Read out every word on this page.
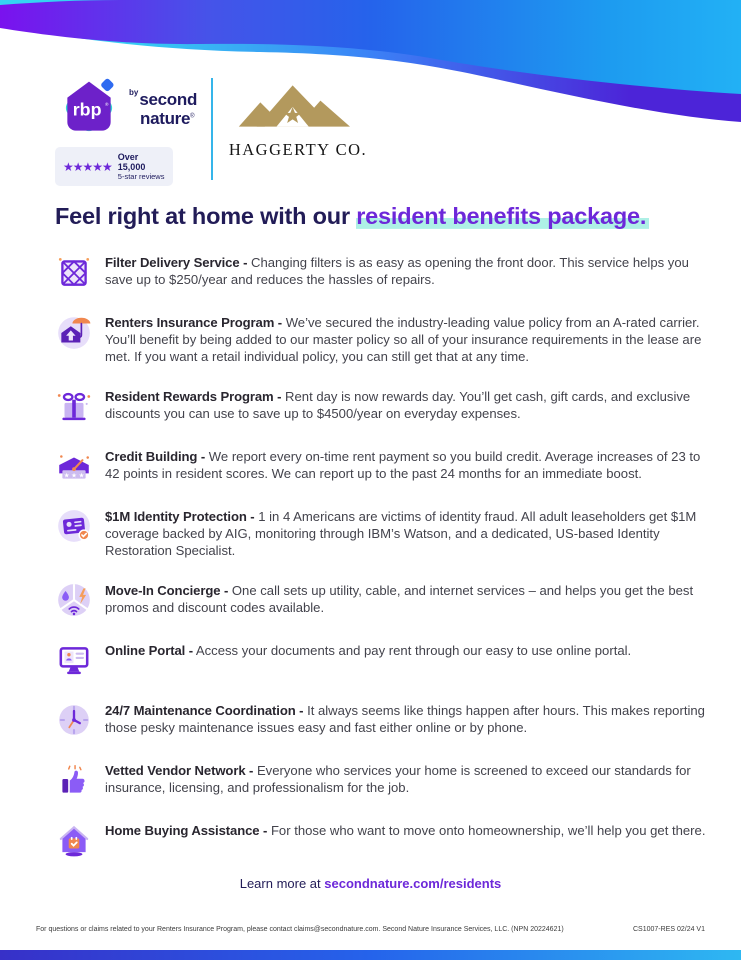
rbp ®
$^{by}$second
nature®
★★★★★
Over 15,000
5-star reviews
HAGGERTY CO.
Feel right at home with our resident benefits package.

Filter Delivery Service - Changing filters is as easy as opening the front door. This service helps you save up to $250/year and reduces the hassles of repairs.

Renters Insurance Program - We’ve secured the industry-leading value policy from an A-rated carrier. You’ll benefit by being added to our master policy so all of your insurance requirements in the lease are met. If you want a retail individual policy, you can still get that at any time.

Resident Rewards Program - Rent day is now rewards day. You’ll get cash, gift cards, and exclusive discounts you can use to save up to $4500/year on everyday expenses.

★ ★ ★

Credit Building - We report every on-time rent payment so you build credit. Average increases of 23 to 42 points in resident scores. We can report up to the past 24 months for an immediate boost.

$1M Identity Protection - 1 in 4 Americans are victims of identity fraud. All adult leaseholders get $1M coverage backed by AIG, monitoring through IBM’s Watson, and a dedicated, US-based Identity Restoration Specialist.

Move-In Concierge - One call sets up utility, cable, and internet services – and helps you get the best promos and discount codes available.

Online Portal - Access your documents and pay rent through our easy to use online portal.

24/7 Maintenance Coordination - It always seems like things happen after hours. This makes reporting those pesky maintenance issues easy and fast either online or by phone.

Vetted Vendor Network - Everyone who services your home is screened to exceed our standards for insurance, licensing, and professionalism for the job.

Home Buying Assistance - For those who want to move onto homeownership, we’ll help you get there.

Learn more at secondnature.com/residents
For questions or claims related to your Renters Insurance Program, please contact claims@secondnature.com. Second Nature Insurance Services, LLC. (NPN 20224621)	CS1007-RES 02/24 V1
